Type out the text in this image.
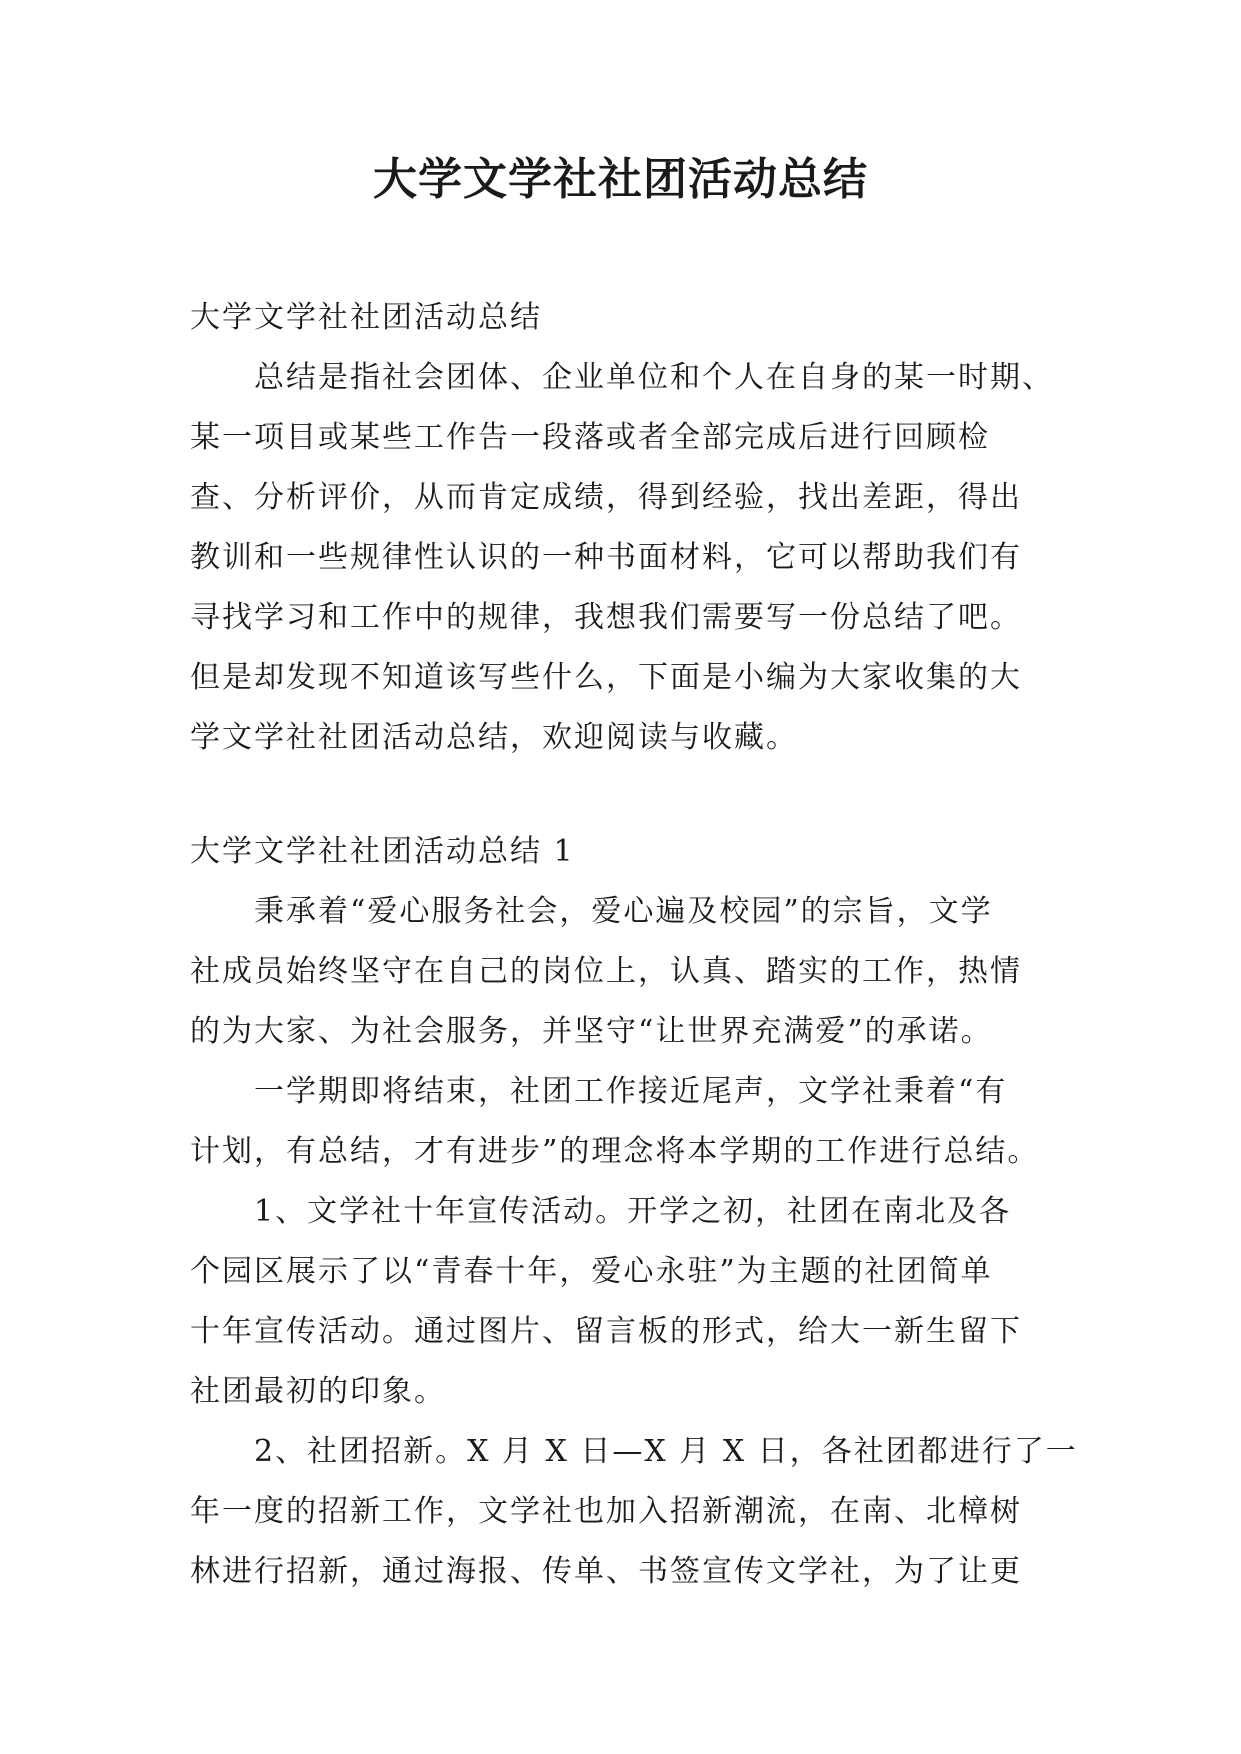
大学文学社社团活动总结
大学文学社社团活动总结
总结是指社会团体、企业单位和个人在自身的某一时期、
某一项目或某些工作告一段落或者全部完成后进行回顾检
查、分析评价，从而肯定成绩，得到经验，找出差距，得出
教训和一些规律性认识的一种书面材料，它可以帮助我们有
寻找学习和工作中的规律，我想我们需要写一份总结了吧。
但是却发现不知道该写些什么，下面是小编为大家收集的大
学文学社社团活动总结，欢迎阅读与收藏。
大学文学社社团活动总结 1
秉承着“爱心服务社会，爱心遍及校园”的宗旨，文学
社成员始终坚守在自己的岗位上，认真、踏实的工作，热情
的为大家、为社会服务，并坚守“让世界充满爱”的承诺。
一学期即将结束，社团工作接近尾声，文学社秉着“有
计划，有总结，才有进步”的理念将本学期的工作进行总结。
1、文学社十年宣传活动。开学之初，社团在南北及各
个园区展示了以“青春十年，爱心永驻”为主题的社团简单
十年宣传活动。通过图片、留言板的形式，给大一新生留下
社团最初的印象。
2、社团招新。X 月 X 日—X 月 X 日，各社团都进行了一
年一度的招新工作，文学社也加入招新潮流，在南、北樟树
林进行招新，通过海报、传单、书签宣传文学社，为了让更
